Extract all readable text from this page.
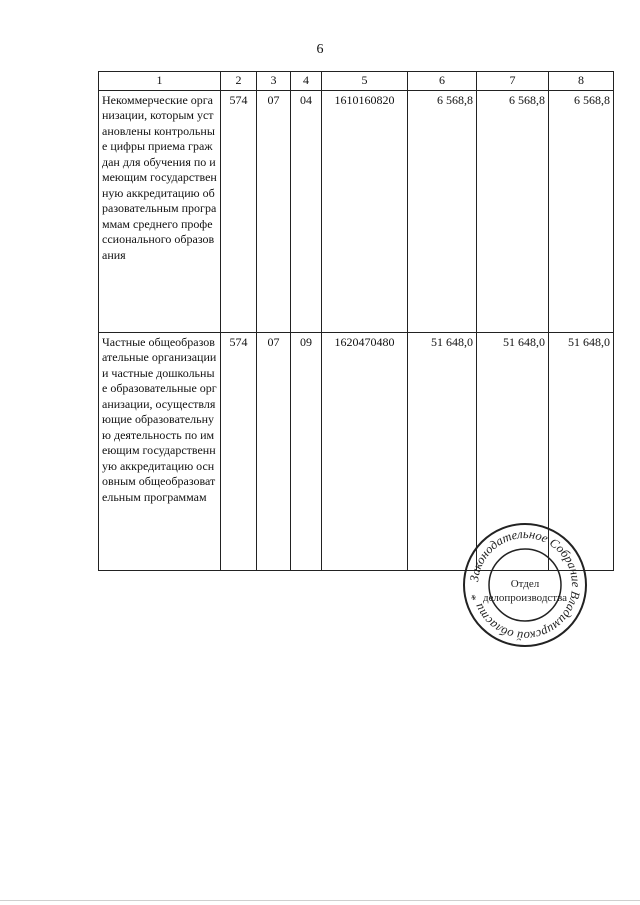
6
1	2	3	4	5	6	7	8
Некоммерческие организации, которым установлены контрольные цифры приема граждан для обучения по имеющим государственную аккредитацию образовательным программам среднего профессионального образования	574	07	04	1610160820	6 568,8	6 568,8	6 568,8
Частные общеобразовательные организации и частные дошкольные образовательные организации, осуществляющие образовательную деятельность по имеющим государственную аккредитацию основным общеобразовательным программам	574	07	09	1620470480	51 648,0	51 648,0	51 648,0
Законодательное Собрание Владимирской области *
Отдел
делопроизводства
